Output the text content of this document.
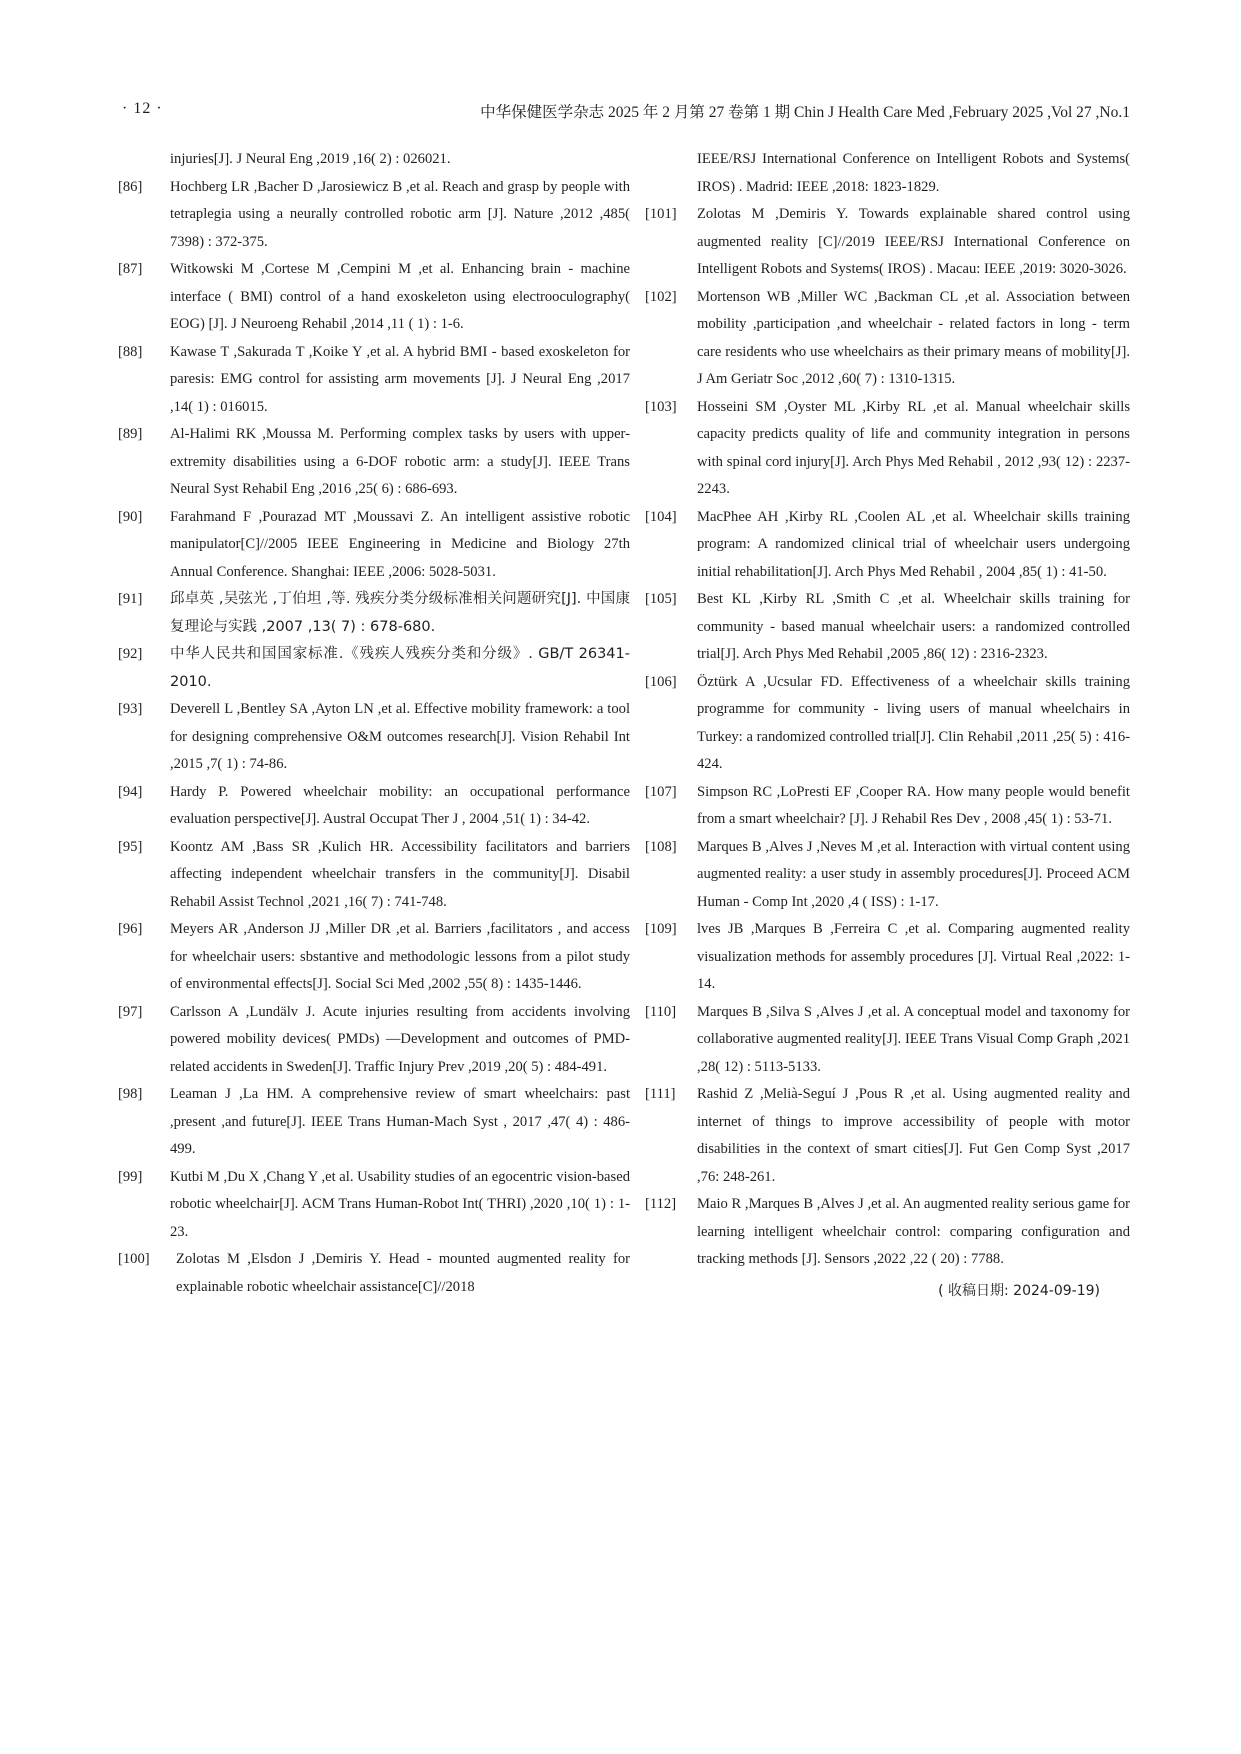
· 12 ·	中华保健医学杂志 2025 年 2 月第 27 卷第 1 期 Chin J Health Care Med ,February 2025 ,Vol 27 ,No.1
injuries[J]. J Neural Eng ,2019 ,16( 2) : 026021.
[86]	Hochberg LR ,Bacher D ,Jarosiewicz B ,et al. Reach and grasp by people with tetraplegia using a neurally controlled robotic arm [J]. Nature ,2012 ,485( 7398) : 372-375.
[87]	Witkowski M ,Cortese M ,Cempini M ,et al. Enhancing brain - machine interface ( BMI) control of a hand exoskeleton using electrooculography( EOG) [J]. J Neuroeng Rehabil ,2014 ,11 ( 1) : 1-6.
[88]	Kawase T ,Sakurada T ,Koike Y ,et al. A hybrid BMI - based exoskeleton for paresis: EMG control for assisting arm movements [J]. J Neural Eng ,2017 ,14( 1) : 016015.
[89]	Al-Halimi RK ,Moussa M. Performing complex tasks by users with upper-extremity disabilities using a 6-DOF robotic arm: a study[J]. IEEE Trans Neural Syst Rehabil Eng ,2016 ,25( 6) : 686-693.
[90]	Farahmand F ,Pourazad MT ,Moussavi Z. An intelligent assistive robotic manipulator[C]//2005 IEEE Engineering in Medicine and Biology 27th Annual Conference. Shanghai: IEEE ,2006: 5028-5031.
[91]	邱卓英 ,吴弦光 ,丁伯坦 ,等. 残疾分类分级标准相关问题研究[J]. 中国康复理论与实践 ,2007 ,13( 7) : 678-680.
[92]	中华人民共和国国家标准.《残疾人残疾分类和分级》. GB/T 26341-2010.
[93]	Deverell L ,Bentley SA ,Ayton LN ,et al. Effective mobility framework: a tool for designing comprehensive O&M outcomes research[J]. Vision Rehabil Int ,2015 ,7( 1) : 74-86.
[94]	Hardy P. Powered wheelchair mobility: an occupational performance evaluation perspective[J]. Austral Occupat Ther J , 2004 ,51( 1) : 34-42.
[95]	Koontz AM ,Bass SR ,Kulich HR. Accessibility facilitators and barriers affecting independent wheelchair transfers in the community[J]. Disabil Rehabil Assist Technol ,2021 ,16( 7) : 741-748.
[96]	Meyers AR ,Anderson JJ ,Miller DR ,et al. Barriers ,facilitators , and access for wheelchair users: sbstantive and methodologic lessons from a pilot study of environmental effects[J]. Social Sci Med ,2002 ,55( 8) : 1435-1446.
[97]	Carlsson A ,Lundälv J. Acute injuries resulting from accidents involving powered mobility devices( PMDs) —Development and outcomes of PMD-related accidents in Sweden[J]. Traffic Injury Prev ,2019 ,20( 5) : 484-491.
[98]	Leaman J ,La HM. A comprehensive review of smart wheelchairs: past ,present ,and future[J]. IEEE Trans Human-Mach Syst , 2017 ,47( 4) : 486-499.
[99]	Kutbi M ,Du X ,Chang Y ,et al. Usability studies of an egocentric vision-based robotic wheelchair[J]. ACM Trans Human-Robot Int( THRI) ,2020 ,10( 1) : 1-23.
[100]	Zolotas M ,Elsdon J ,Demiris Y. Head - mounted augmented reality for explainable robotic wheelchair assistance[C]//2018
IEEE/RSJ International Conference on Intelligent Robots and Systems( IROS) . Madrid: IEEE ,2018: 1823-1829.
[101]	Zolotas M ,Demiris Y. Towards explainable shared control using augmented reality [C]//2019 IEEE/RSJ International Conference on Intelligent Robots and Systems( IROS) . Macau: IEEE ,2019: 3020-3026.
[102]	Mortenson WB ,Miller WC ,Backman CL ,et al. Association between mobility ,participation ,and wheelchair - related factors in long - term care residents who use wheelchairs as their primary means of mobility[J]. J Am Geriatr Soc ,2012 ,60( 7) : 1310-1315.
[103]	Hosseini SM ,Oyster ML ,Kirby RL ,et al. Manual wheelchair skills capacity predicts quality of life and community integration in persons with spinal cord injury[J]. Arch Phys Med Rehabil , 2012 ,93( 12) : 2237-2243.
[104]	MacPhee AH ,Kirby RL ,Coolen AL ,et al. Wheelchair skills training program: A randomized clinical trial of wheelchair users undergoing initial rehabilitation[J]. Arch Phys Med Rehabil , 2004 ,85( 1) : 41-50.
[105]	Best KL ,Kirby RL ,Smith C ,et al. Wheelchair skills training for community - based manual wheelchair users: a randomized controlled trial[J]. Arch Phys Med Rehabil ,2005 ,86( 12) : 2316-2323.
[106]	Öztürk A ,Ucsular FD. Effectiveness of a wheelchair skills training programme for community - living users of manual wheelchairs in Turkey: a randomized controlled trial[J]. Clin Rehabil ,2011 ,25( 5) : 416-424.
[107]	Simpson RC ,LoPresti EF ,Cooper RA. How many people would benefit from a smart wheelchair? [J]. J Rehabil Res Dev , 2008 ,45( 1) : 53-71.
[108]	Marques B ,Alves J ,Neves M ,et al. Interaction with virtual content using augmented reality: a user study in assembly procedures[J]. Proceed ACM Human - Comp Int ,2020 ,4 ( ISS) : 1-17.
[109]	lves JB ,Marques B ,Ferreira C ,et al. Comparing augmented reality visualization methods for assembly procedures [J]. Virtual Real ,2022: 1-14.
[110]	Marques B ,Silva S ,Alves J ,et al. A conceptual model and taxonomy for collaborative augmented reality[J]. IEEE Trans Visual Comp Graph ,2021 ,28( 12) : 5113-5133.
[111]	Rashid Z ,Melià-Seguí J ,Pous R ,et al. Using augmented reality and internet of things to improve accessibility of people with motor disabilities in the context of smart cities[J]. Fut Gen Comp Syst ,2017 ,76: 248-261.
[112]	Maio R ,Marques B ,Alves J ,et al. An augmented reality serious game for learning intelligent wheelchair control: comparing configuration and tracking methods [J]. Sensors ,2022 ,22 ( 20) : 7788.
( 收稿日期: 2024-09-19)
